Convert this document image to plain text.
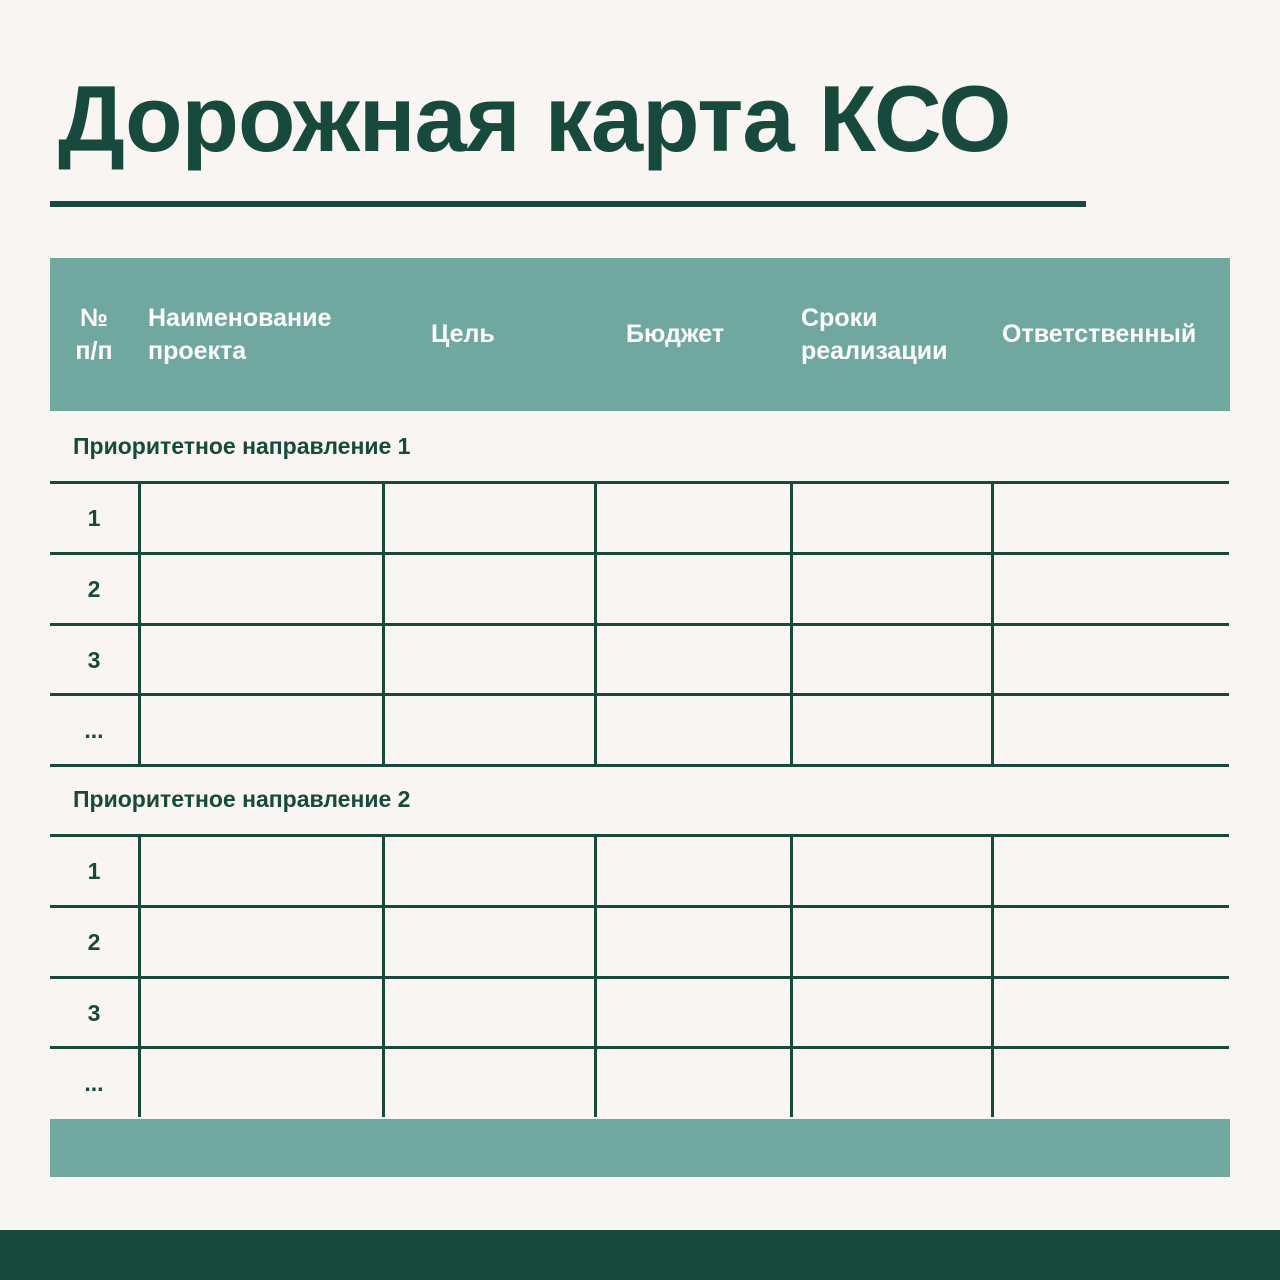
Дорожная карта КСО
№
п/п
Наименование
проекта
Цель	Бюджет
Сроки
реализации
Ответственный
Приоритетное направление 1
1
2
3
...
Приоритетное направление 2
1
2
3
...
